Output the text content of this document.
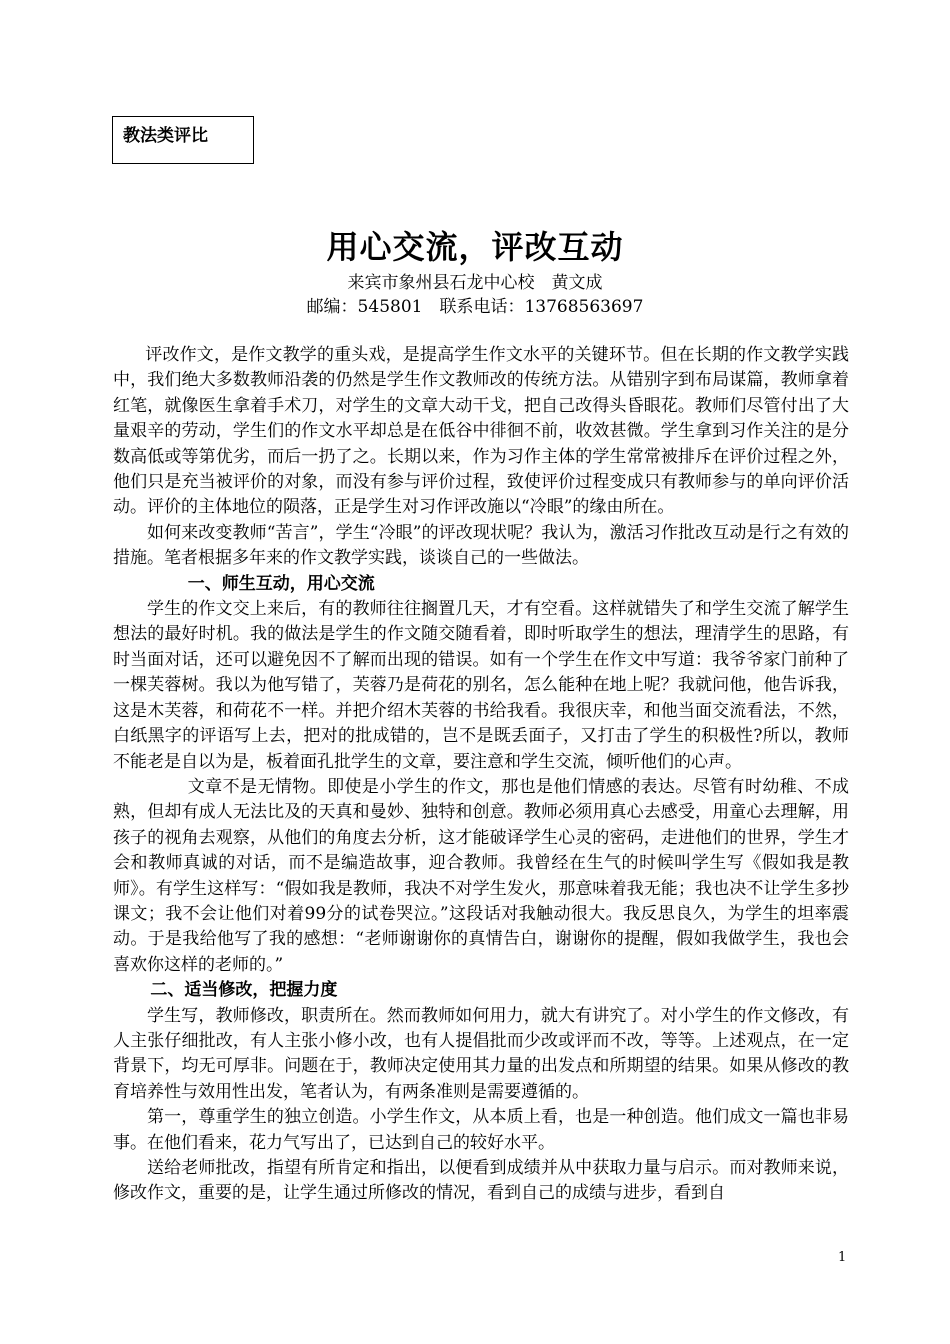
教法类评比
用心交流，评改互动
来宾市象州县石龙中心校　黄文成
邮编：545801　联系电话：13768563697

评改作文，是作文教学的重头戏，是提高学生作文水平的关键环节。但在长期的作文教学实践中，我们绝大多数教师沿袭的仍然是学生作文教师改的传统方法。从错别字到布局谋篇，教师拿着红笔，就像医生拿着手术刀，对学生的文章大动干戈，把自己改得头昏眼花。教师们尽管付出了大量艰辛的劳动，学生们的作文水平却总是在低谷中徘徊不前，收效甚微。学生拿到习作关注的是分数高低或等第优劣，而后一扔了之。长期以来，作为习作主体的学生常常被排斥在评价过程之外，他们只是充当被评价的对象，而没有参与评价过程，致使评价过程变成只有教师参与的单向评价活动。评价的主体地位的陨落，正是学生对习作评改施以“冷眼”的缘由所在。

如何来改变教师“苦言”，学生“冷眼”的评改现状呢？我认为，激活习作批改互动是行之有效的措施。笔者根据多年来的作文教学实践，谈谈自己的一些做法。

一、师生互动，用心交流

学生的作文交上来后，有的教师往往搁置几天，才有空看。这样就错失了和学生交流了解学生想法的最好时机。我的做法是学生的作文随交随看着，即时听取学生的想法，理清学生的思路，有时当面对话，还可以避免因不了解而出现的错误。如有一个学生在作文中写道：我爷爷家门前种了一棵芙蓉树。我以为他写错了，芙蓉乃是荷花的别名，怎么能种在地上呢？我就问他，他告诉我，这是木芙蓉，和荷花不一样。并把介绍木芙蓉的书给我看。我很庆幸，和他当面交流看法，不然，白纸黑字的评语写上去，把对的批成错的，岂不是既丢面子，又打击了学生的积极性?所以，教师不能老是自以为是，板着面孔批学生的文章，要注意和学生交流，倾听他们的心声。

文章不是无情物。即使是小学生的作文，那也是他们情感的表达。尽管有时幼稚、不成熟，但却有成人无法比及的天真和曼妙、独特和创意。教师必须用真心去感受，用童心去理解，用孩子的视角去观察，从他们的角度去分析，这才能破译学生心灵的密码，走进他们的世界，学生才会和教师真诚的对话，而不是编造故事，迎合教师。我曾经在生气的时候叫学生写《假如我是教师》。有学生这样写：“假如我是教师，我决不对学生发火，那意味着我无能；我也决不让学生多抄课文；我不会让他们对着99分的试卷哭泣。”这段话对我触动很大。我反思良久，为学生的坦率震动。于是我给他写了我的感想：“老师谢谢你的真情告白，谢谢你的提醒，假如我做学生，我也会喜欢你这样的老师的。”

二、适当修改，把握力度

学生写，教师修改，职责所在。然而教师如何用力，就大有讲究了。对小学生的作文修改，有人主张仔细批改，有人主张小修小改，也有人提倡批而少改或评而不改，等等。上述观点，在一定背景下，均无可厚非。问题在于，教师决定使用其力量的出发点和所期望的结果。如果从修改的教育培养性与效用性出发，笔者认为，有两条准则是需要遵循的。

第一，尊重学生的独立创造。小学生作文，从本质上看，也是一种创造。他们成文一篇也非易事。在他们看来，花力气写出了，已达到自己的较好水平。

送给老师批改，指望有所肯定和指出，以便看到成绩并从中获取力量与启示。而对教师来说，修改作文，重要的是，让学生通过所修改的情况，看到自己的成绩与进步，看到自

1
